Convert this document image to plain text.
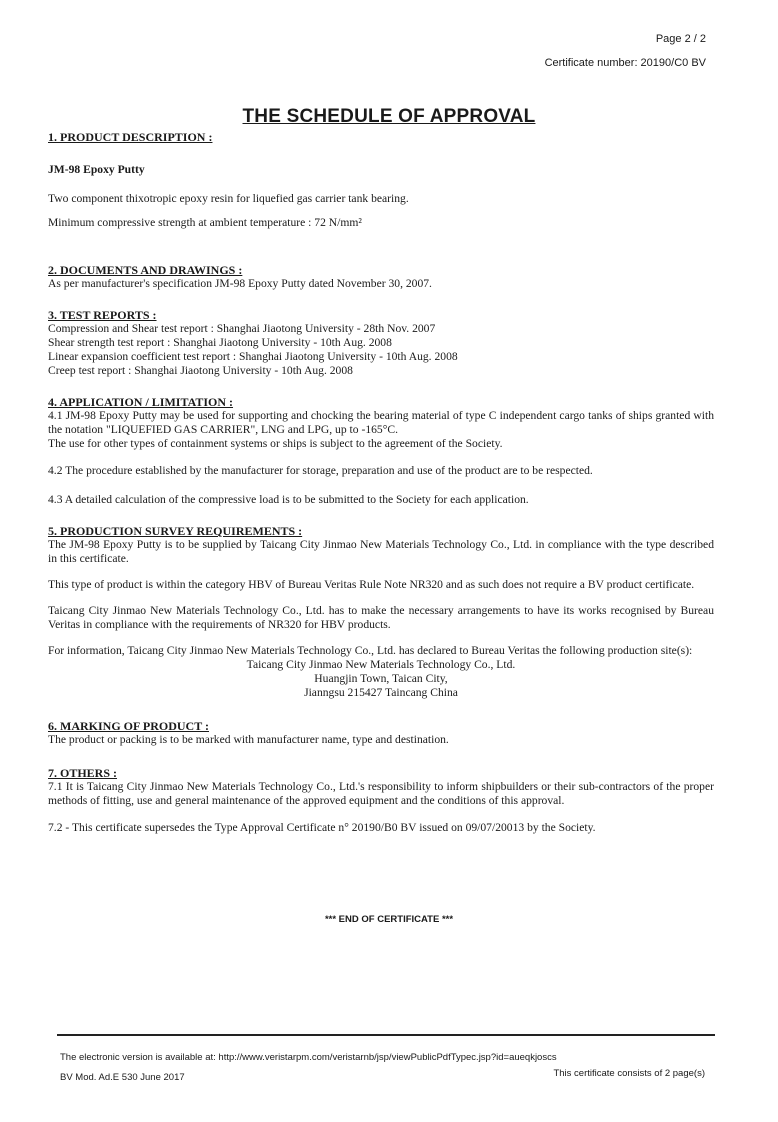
Page 2 / 2
Certificate number: 20190/C0 BV
THE SCHEDULE OF APPROVAL
1. PRODUCT DESCRIPTION :

JM-98 Epoxy Putty

Two component thixotropic epoxy resin for liquefied gas carrier tank bearing.

Minimum compressive strength at ambient temperature : 72 N/mm²

2. DOCUMENTS AND DRAWINGS :

As per manufacturer's specification JM-98 Epoxy Putty dated November 30, 2007.

3. TEST REPORTS :

Compression and Shear test report : Shanghai Jiaotong University - 28th Nov. 2007

Shear strength test report : Shanghai Jiaotong University - 10th Aug. 2008

Linear expansion coefficient test report : Shanghai Jiaotong University - 10th Aug. 2008

Creep test report : Shanghai Jiaotong University - 10th Aug. 2008

4. APPLICATION / LIMITATION :

4.1 JM-98 Epoxy Putty may be used for supporting and chocking the bearing material of type C independent cargo tanks of ships granted with the notation "LIQUEFIED GAS CARRIER", LNG and LPG, up to -165°C.

The use for other types of containment systems or ships is subject to the agreement of the Society.

4.2 The procedure established by the manufacturer for storage, preparation and use of the product are to be respected.

4.3 A detailed calculation of the compressive load is to be submitted to the Society for each application.

5. PRODUCTION SURVEY REQUIREMENTS :

The JM-98 Epoxy Putty is to be supplied by Taicang City Jinmao New Materials Technology Co., Ltd. in compliance with the type described in this certificate.

This type of product is within the category HBV of Bureau Veritas Rule Note NR320 and as such does not require a BV product certificate.

Taicang City Jinmao New Materials Technology Co., Ltd. has to make the necessary arrangements to have its works recognised by Bureau Veritas in compliance with the requirements of NR320 for HBV products.

For information, Taicang City Jinmao New Materials Technology Co., Ltd. has declared to Bureau Veritas the following production site(s):

Taicang City Jinmao New Materials Technology Co., Ltd.

Huangjin Town, Taican City,

Jianngsu 215427 Taincang China

6. MARKING OF PRODUCT :

The product or packing is to be marked with manufacturer name, type and destination.

7. OTHERS :

7.1 It is Taicang City Jinmao New Materials Technology Co., Ltd.'s responsibility to inform shipbuilders or their sub-contractors of the proper methods of fitting, use and general maintenance of the approved equipment and the conditions of this approval.

7.2 - This certificate supersedes the Type Approval Certificate n° 20190/B0 BV issued on 09/07/20013 by the Society.

*** END OF CERTIFICATE ***
The electronic version is available at: http://www.veristarpm.com/veristarnb/jsp/viewPublicPdfTypec.jsp?id=aueqkjoscs
BV Mod. Ad.E 530 June 2017	This certificate consists of 2 page(s)
